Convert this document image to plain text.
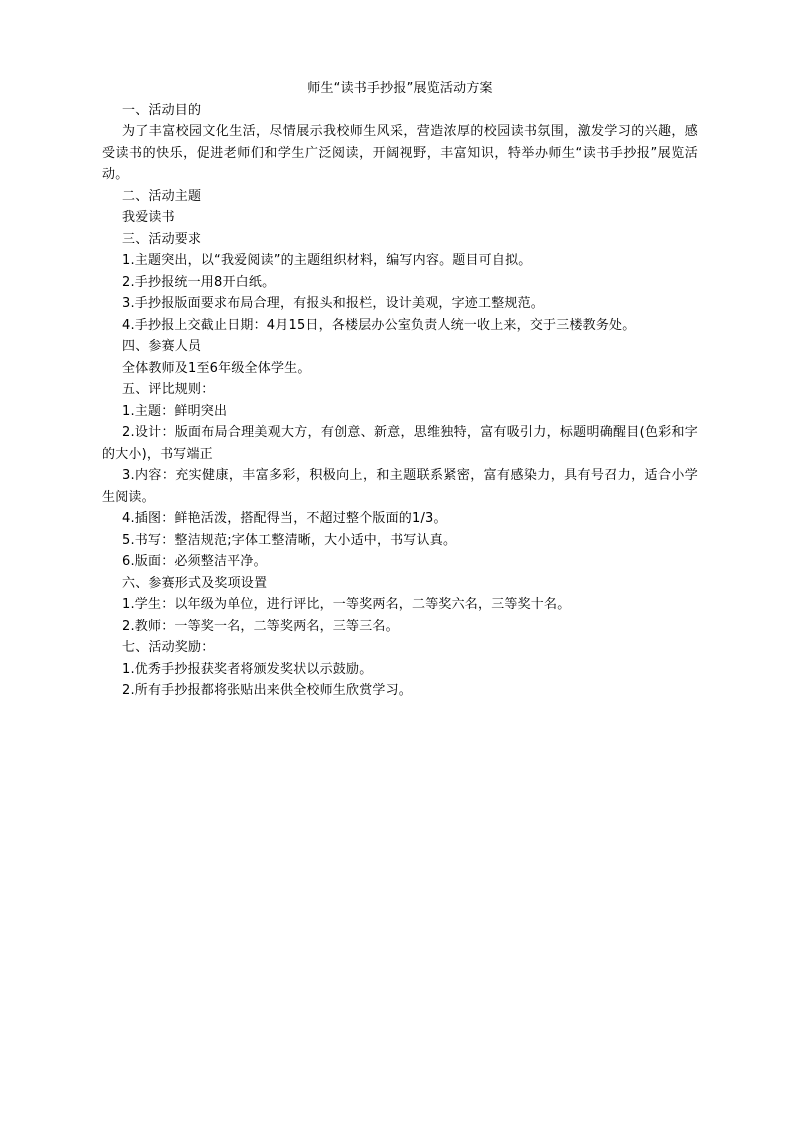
师生“读书手抄报”展览活动方案

一、活动目的

为了丰富校园文化生活，尽情展示我校师生风采，营造浓厚的校园读书氛围，激发学习的兴趣，感受读书的快乐，促进老师们和学生广泛阅读，开阔视野，丰富知识，特举办师生“读书手抄报”展览活动。

二、活动主题

我爱读书

三、活动要求

1.主题突出，以“我爱阅读”的主题组织材料，编写内容。题目可自拟。

2.手抄报统一用8开白纸。

3.手抄报版面要求布局合理，有报头和报栏，设计美观，字迹工整规范。

4.手抄报上交截止日期：4月15日，各楼层办公室负责人统一收上来，交于三楼教务处。

四、参赛人员

全体教师及1至6年级全体学生。

五、评比规则：

1.主题：鲜明突出

2.设计：版面布局合理美观大方，有创意、新意，思维独特，富有吸引力，标题明确醒目(色彩和字的大小)，书写端正

3.内容：充实健康，丰富多彩，积极向上，和主题联系紧密，富有感染力，具有号召力，适合小学生阅读。

4.插图：鲜艳活泼，搭配得当，不超过整个版面的1/3。

5.书写：整洁规范;字体工整清晰，大小适中，书写认真。

6.版面：必须整洁平净。

六、参赛形式及奖项设置

1.学生：以年级为单位，进行评比，一等奖两名，二等奖六名，三等奖十名。

2.教师：一等奖一名，二等奖两名，三等三名。

七、活动奖励：

1.优秀手抄报获奖者将颁发奖状以示鼓励。

2.所有手抄报都将张贴出来供全校师生欣赏学习。
